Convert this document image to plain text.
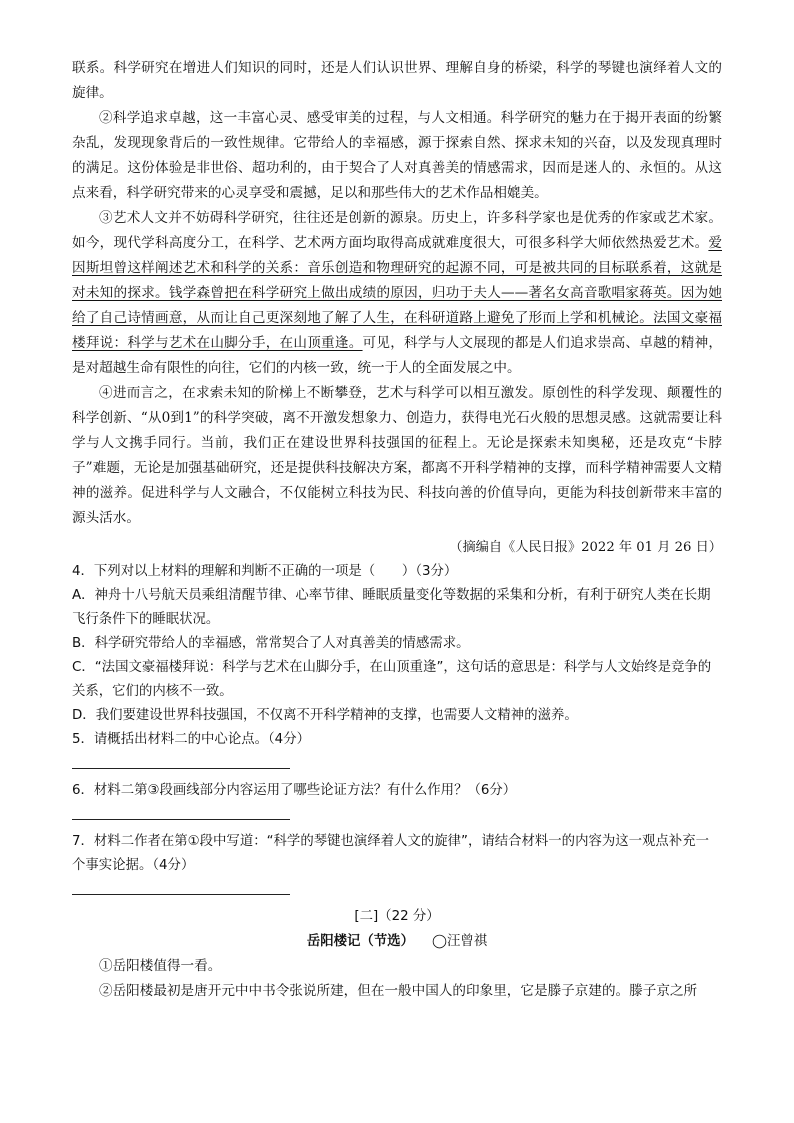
联系。科学研究在增进人们知识的同时，还是人们认识世界、理解自身的桥梁，科学的琴键也演绎着人文的旋律。

②科学追求卓越，这一丰富心灵、感受审美的过程，与人文相通。科学研究的魅力在于揭开表面的纷繁杂乱，发现现象背后的一致性规律。它带给人的幸福感，源于探索自然、探求未知的兴奋，以及发现真理时的满足。这份体验是非世俗、超功利的，由于契合了人对真善美的情感需求，因而是迷人的、永恒的。从这点来看，科学研究带来的心灵享受和震撼，足以和那些伟大的艺术作品相媲美。

③艺术人文并不妨碍科学研究，往往还是创新的源泉。历史上，许多科学家也是优秀的作家或艺术家。如今，现代学科高度分工，在科学、艺术两方面均取得高成就难度很大，可很多科学大师依然热爱艺术。爱因斯坦曾这样阐述艺术和科学的关系：音乐创造和物理研究的起源不同，可是被共同的目标联系着，这就是对未知的探求。钱学森曾把在科学研究上做出成绩的原因，归功于夫人——著名女高音歌唱家蒋英。因为她给了自己诗情画意，从而让自己更深刻地了解了人生，在科研道路上避免了形而上学和机械论。法国文豪福楼拜说：科学与艺术在山脚分手，在山顶重逢。可见，科学与人文展现的都是人们追求崇高、卓越的精神，是对超越生命有限性的向往，它们的内核一致，统一于人的全面发展之中。

④进而言之，在求索未知的阶梯上不断攀登，艺术与科学可以相互激发。原创性的科学发现、颠覆性的科学创新、“从0到1”的科学突破，离不开激发想象力、创造力，获得电光石火般的思想灵感。这就需要让科学与人文携手同行。当前，我们正在建设世界科技强国的征程上。无论是探索未知奥秘，还是攻克“卡脖子”难题，无论是加强基础研究，还是提供科技解决方案，都离不开科学精神的支撑，而科学精神需要人文精神的滋养。促进科学与人文融合，不仅能树立科技为民、科技向善的价值导向，更能为科技创新带来丰富的源头活水。

（摘编自《人民日报》2022 年 01 月 26 日）

4．下列对以上材料的理解和判断不正确的一项是（　　）（3分）

A．神舟十八号航天员乘组清醒节律、心率节律、睡眠质量变化等数据的采集和分析，有利于研究人类在长期飞行条件下的睡眠状况。

B．科学研究带给人的幸福感，常常契合了人对真善美的情感需求。

C．“法国文豪福楼拜说：科学与艺术在山脚分手，在山顶重逢”，这句话的意思是：科学与人文始终是竞争的关系，它们的内核不一致。

D．我们要建设世界科技强国，不仅离不开科学精神的支撑，也需要人文精神的滋养。

5．请概括出材料二的中心论点。（4分）

6．材料二第③段画线部分内容运用了哪些论证方法？有什么作用？（6分）

7．材料二作者在第①段中写道：“科学的琴键也演绎着人文的旋律”，请结合材料一的内容为这一观点补充一个事实论据。（4分）

[二]（22 分）

岳阳楼记（节选） ◯汪曾祺

①岳阳楼值得一看。

②岳阳楼最初是唐开元中中书令张说所建，但在一般中国人的印象里，它是滕子京建的。滕子京之所
